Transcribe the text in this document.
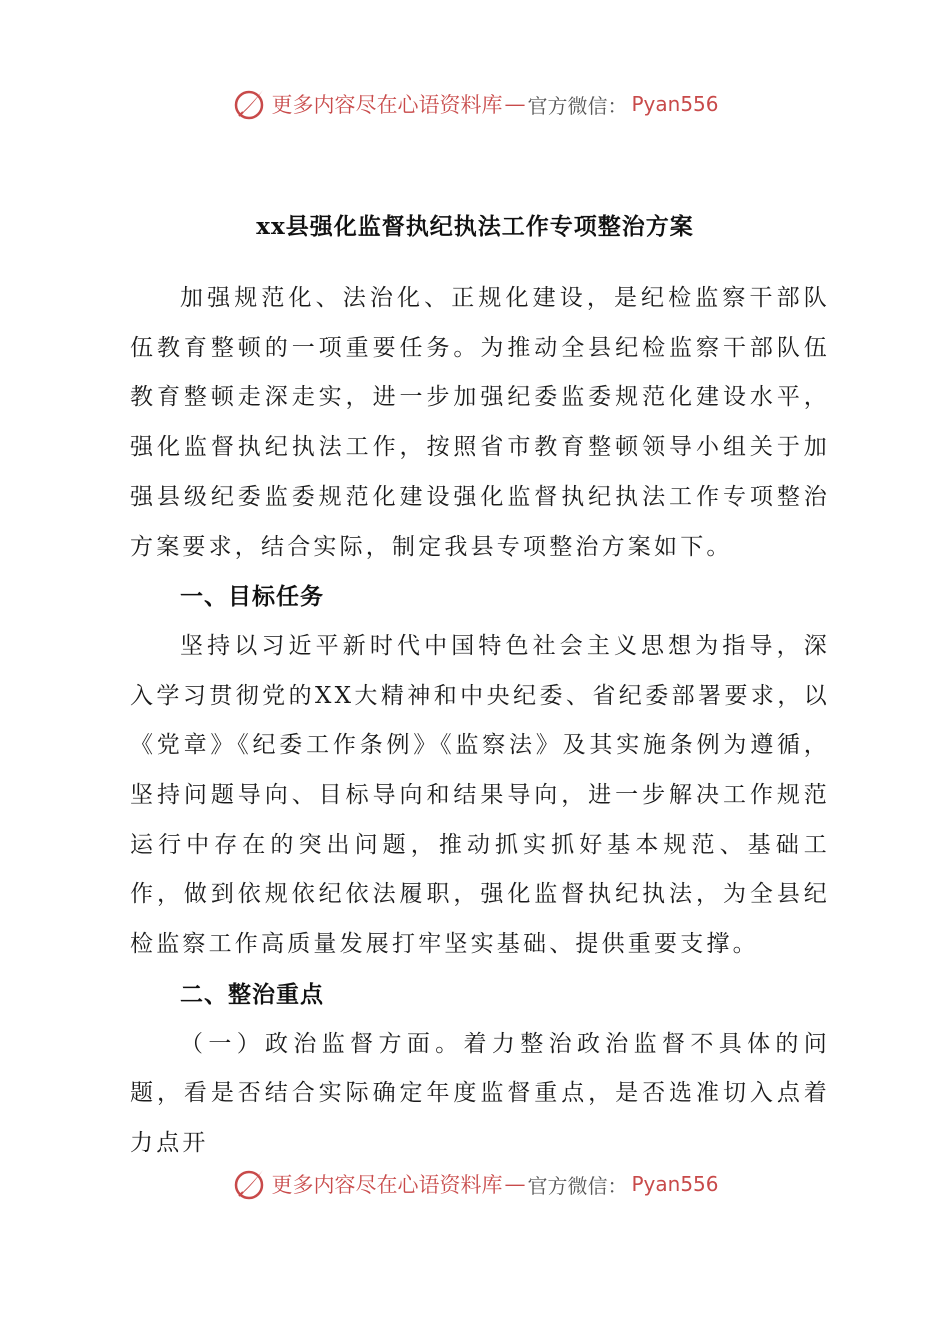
更多内容尽在心语资料库 — 官方微信： Pyan556
xx县强化监督执纪执法工作专项整治方案

加强规范化、法治化、正规化建设，是纪检监察干部队伍教育整顿的一项重要任务。为推动全县纪检监察干部队伍教育整顿走深走实，进一步加强纪委监委规范化建设水平，强化监督执纪执法工作，按照省市教育整顿领导小组关于加强县级纪委监委规范化建设强化监督执纪执法工作专项整治方案要求，结合实际，制定我县专项整治方案如下。

一、目标任务

坚持以习近平新时代中国特色社会主义思想为指导，深入学习贯彻党的XX大精神和中央纪委、省纪委部署要求，以《党章》《纪委工作条例》《监察法》及其实施条例为遵循，坚持问题导向、目标导向和结果导向，进一步解决工作规范运行中存在的突出问题，推动抓实抓好基本规范、基础工作，做到依规依纪依法履职，强化监督执纪执法，为全县纪检监察工作高质量发展打牢坚实基础、提供重要支撑。

二、整治重点

（一）政治监督方面。着力整治政治监督不具体的问题，看是否结合实际确定年度监督重点，是否选准切入点着力点开

更多内容尽在心语资料库 — 官方微信： Pyan556
